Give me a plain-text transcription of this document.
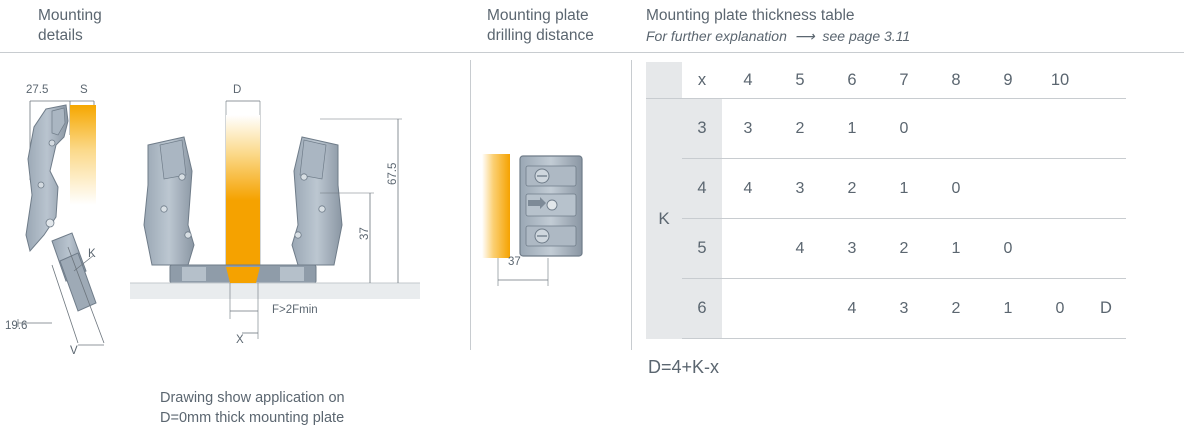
Mounting
details
Mounting plate
drilling distance
Mounting plate thickness table
For further explanation  ⟶  see page 3.11
27.5	S
19.6
V
K
D
67.5
37
F>2Fmin
X
Drawing show application on
D=0mm thick mounting plate
37
	x	4	5	6	7	8	9	10	
K	3	3	2	1	0				
	4	4	3	2	1	0			
	5		4	3	2	1	0		
	6			4	3	2	1	0	D
D=4+K-x
